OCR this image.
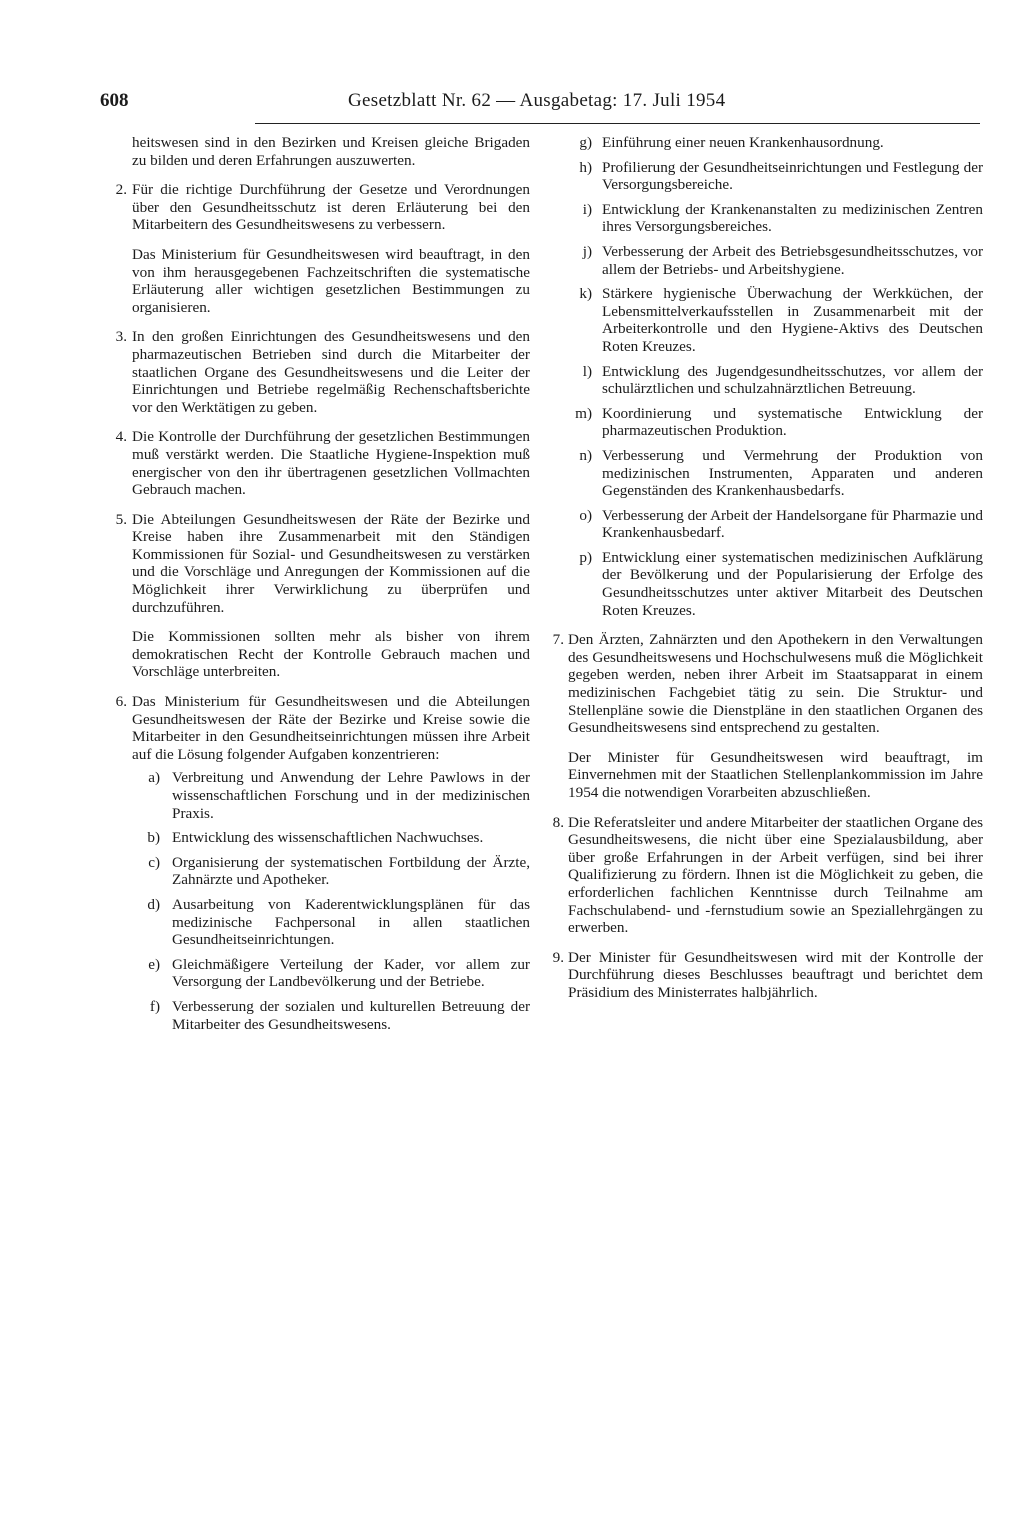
608	Gesetzblatt Nr. 62 — Ausgabetag: 17. Juli 1954

heitswesen sind in den Bezirken und Kreisen gleiche Brigaden zu bilden und deren Erfahrungen auszuwerten.

2 . Für die richtige Durchführung der Gesetze und Verordnungen über den Gesundheitsschutz ist deren Erläuterung bei den Mitarbeitern des Gesundheitswesens zu verbessern.

Das Ministerium für Gesundheitswesen wird beauftragt, in den von ihm herausgegebenen Fachzeitschriften die systematische Erläuterung aller wichtigen gesetzlichen Bestimmungen zu organisieren.

3 . In den großen Einrichtungen des Gesundheitswesens und den pharmazeutischen Betrieben sind durch die Mitarbeiter der staatlichen Organe des Gesundheitswesens und die Leiter der Einrichtungen und Betriebe regelmäßig Rechenschaftsberichte vor den Werktätigen zu geben.
4 . Die Kontrolle der Durchführung der gesetzlichen Bestimmungen muß verstärkt werden. Die Staatliche Hygiene-Inspektion muß energischer von den ihr übertragenen gesetzlichen Vollmachten Gebrauch machen.
5 . Die Abteilungen Gesundheitswesen der Räte der Bezirke und Kreise haben ihre Zusammenarbeit mit den Ständigen Kommissionen für Sozial- und Gesundheitswesen zu verstärken und die Vorschläge und Anregungen der Kommissionen auf die Möglichkeit ihrer Verwirklichung zu überprüfen und durchzuführen.

Die Kommissionen sollten mehr als bisher von ihrem demokratischen Recht der Kontrolle Gebrauch machen und Vorschläge unterbreiten.

6 . Das Ministerium für Gesundheitswesen und die Abteilungen Gesundheitswesen der Räte der Bezirke und Kreise sowie die Mitarbeiter in den Gesundheitseinrichtungen müssen ihre Arbeit auf die Lösung folgender Aufgaben konzentrieren:
a )	Verbreitung und Anwendung der Lehre Pawlows in der wissenschaftlichen Forschung und in der medizinischen Praxis.
b )	Entwicklung des wissenschaftlichen Nachwuchses.
c )	Organisierung der systematischen Fortbildung der Ärzte, Zahnärzte und Apotheker.
d )	Ausarbeitung von Kaderentwicklungsplänen für das medizinische Fachpersonal in allen staatlichen Gesundheitseinrichtungen.
e )	Gleichmäßigere Verteilung der Kader, vor allem zur Versorgung der Landbevölkerung und der Betriebe.
f )	Verbesserung der sozialen und kulturellen Betreuung der Mitarbeiter des Gesundheitswesens.
g ) Einführung einer neuen Krankenhausordnung.
h ) Profilierung der Gesundheitseinrichtungen und Festlegung der Versorgungsbereiche.
i ) Entwicklung der Krankenanstalten zu medizinischen Zentren ihres Versorgungsbereiches.
j ) Verbesserung der Arbeit des Betriebsgesundheitsschutzes, vor allem der Betriebs- und Arbeitshygiene.
k ) Stärkere hygienische Überwachung der Werkküchen, der Lebensmittelverkaufsstellen in Zusammenarbeit mit der Arbeiterkontrolle und den Hygiene-Aktivs des Deutschen Roten Kreuzes.
l ) Entwicklung des Jugendgesundheitsschutzes, vor allem der schulärztlichen und schulzahnärztlichen Betreuung.
m ) Koordinierung und systematische Entwicklung der pharmazeutischen Produktion.
n ) Verbesserung und Vermehrung der Produktion von medizinischen Instrumenten, Apparaten und anderen Gegenständen des Krankenhausbedarfs.
o ) Verbesserung der Arbeit der Handelsorgane für Pharmazie und Krankenhausbedarf.
p ) Entwicklung einer systematischen medizinischen Aufklärung der Bevölkerung und der Popularisierung der Erfolge des Gesundheitsschutzes unter aktiver Mitarbeit des Deutschen Roten Kreuzes.
7 . Den Ärzten, Zahnärzten und den Apothekern in den Verwaltungen des Gesundheitswesens und Hochschulwesens muß die Möglichkeit gegeben werden, neben ihrer Arbeit im Staatsapparat in einem medizinischen Fachgebiet tätig zu sein. Die Struktur- und Stellenpläne sowie die Dienstpläne in den staatlichen Organen des Gesundheitswesens sind entsprechend zu gestalten.

Der Minister für Gesundheitswesen wird beauftragt, im Einvernehmen mit der Staatlichen Stellenplankommission im Jahre 1954 die notwendigen Vorarbeiten abzuschließen.

8 . Die Referatsleiter und andere Mitarbeiter der staatlichen Organe des Gesundheitswesens, die nicht über eine Spezialausbildung, aber über große Erfahrungen in der Arbeit verfügen, sind bei ihrer Qualifizierung zu fördern. Ihnen ist die Möglichkeit zu geben, die erforderlichen fachlichen Kenntnisse durch Teilnahme am Fachschulabend- und -fernstudium sowie an Speziallehrgängen zu erwerben.
9 . Der Minister für Gesundheitswesen wird mit der Kontrolle der Durchführung dieses Beschlusses beauftragt und berichtet dem Präsidium des Ministerrates halbjährlich.
